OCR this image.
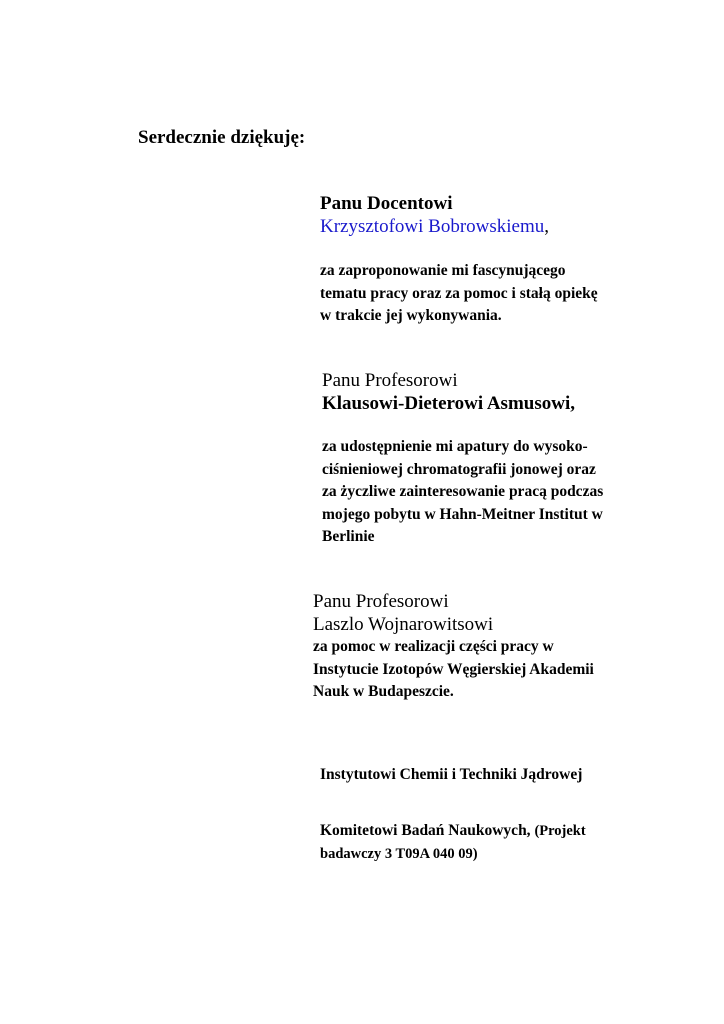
Serdecznie dziękuję:
Panu Docentowi
Krzysztofowi Bobrowskiemu,
za zaproponowanie mi fascynującego
tematu pracy oraz za pomoc i stałą opiekę
w trakcie jej wykonywania.
Panu Profesorowi
Klausowi-Dieterowi Asmusowi,
za udostępnienie mi apatury do wysoko-
ciśnieniowej chromatografii jonowej oraz
za życzliwe zainteresowanie pracą podczas
mojego pobytu w Hahn-Meitner Institut w
Berlinie
Panu Profesorowi
Laszlo Wojnarowitsowi
za pomoc w realizacji części pracy w
Instytucie Izotopów Węgierskiej Akademii
Nauk w Budapeszcie.
Instytutowi Chemii i Techniki Jądrowej
Komitetowi Badań Naukowych, (Projekt
badawczy 3 T09A 040 09)
